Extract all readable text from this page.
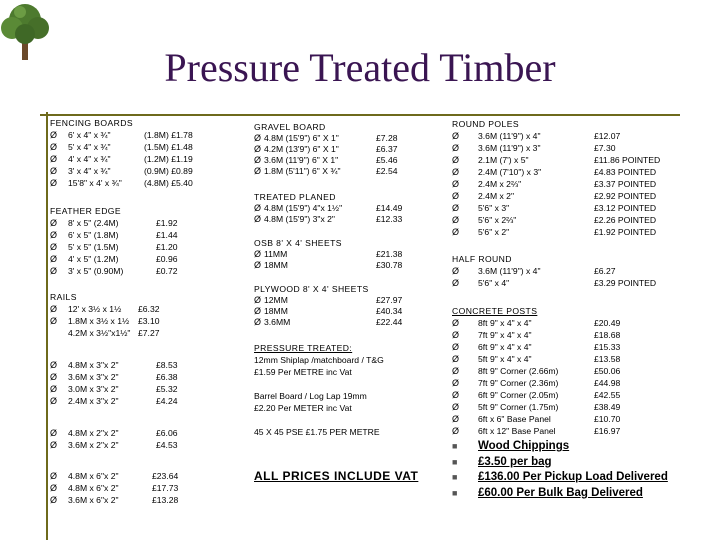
Pressure Treated Timber
FENCING BOARDS
Ø	6' x 4" x ¾"	(1.8M) £1.78
Ø	5' x 4" x ¾"	(1.5M) £1.48
Ø	4' x 4" x ¾"	(1.2M) £1.19
Ø	3' x 4" x ¾"	(0.9M) £0.89
Ø	15'8" x 4' x ¾"	(4.8M) £5.40
FEATHER EDGE
Ø	8' x 5" (2.4M)	£1.92
Ø	6' x 5" (1.8M)	£1.44
Ø	5' x 5" (1.5M)	£1.20
Ø	4' x 5" (1.2M)	£0.96
Ø	3' x 5" (0.90M)	£0.72
RAILS
Ø	12' x 3½ x 1½	£6.32
Ø	1.8M x 3½ x 1½	£3.10
4.2M x 3½"x1½" £7.27
Ø	4.8M x 3"x 2"	£8.53
Ø	3.6M x 3"x 2"	£6.38
Ø	3.0M x 3"x 2"	£5.32
Ø	2.4M x 3"x 2"	£4.24
Ø	4.8M x 2"x 2"	£6.06
Ø	3.6M x 2"x 2"	£4.53
Ø	4.8M x 6"x 2"	£23.64
Ø	4.8M x 6"x 2"	£17.73
Ø	3.6M x 6"x 2"	£13.28
GRAVEL BOARD
Ø 4.8M (15'9") 6" X 1"	£7.28
Ø 4.2M (13'9") 6" X 1"	£6.37
Ø 3.6M (11'9") 6" X 1"	£5.46
Ø 1.8M (5'11") 6" X ¾"	£2.54
TREATED PLANED
Ø 4.8M (15'9") 4"x 1½"	£14.49
Ø 4.8M (15'9") 3"x 2"	£12.33
OSB 8' X 4' SHEETS
Ø 11MM	£21.38
Ø 18MM	£30.78
PLYWOOD 8' X 4' SHEETS
Ø 12MM	£27.97
Ø 18MM	£40.34
Ø 3.6MM	£22.44
PRESSURE TREATED:
12mm Shiplap /matchboard / T&G
£1.59 Per METRE inc Vat
Barrel Board / Log Lap 19mm
£2.20 Per METER inc Vat
45 X 45 PSE £1.75 PER METRE
ALL PRICES INCLUDE VAT
ROUND POLES
Ø	3.6M (11'9") x 4"	£12.07
Ø	3.6M (11'9") x 3"	£7.30
Ø	2.1M (7') x 5"	£11.86 POINTED
Ø	2.4M (7'10") x 3"	£4.83 POINTED
Ø	2.4M x 2⅔"	£3.37 POINTED
Ø	2.4M x 2"	£2.92 POINTED
Ø	5'6" x 3"	£3.12 POINTED
Ø	5'6" x 2⅔"	£2.26 POINTED
Ø	5'6" x 2"	£1.92 POINTED
HALF ROUND
Ø	3.6M (11'9") x 4"	£6.27
Ø	5'6" x 4"	£3.29 POINTED
CONCRETE POSTS
Ø	8ft 9" x 4" x 4"	£20.49
Ø	7ft 9" x 4" x 4"	£18.68
Ø	6ft 9" x 4" x 4"	£15.33
Ø	5ft 9" x 4" x 4"	£13.58
Ø	8ft 9" Corner (2.66m)	£50.06
Ø	7ft 9" Corner (2.36m)	£44.98
Ø	6ft 9" Corner (2.05m)	£42.55
Ø	5ft 9" Corner (1.75m)	£38.49
Ø	6ft x 6" Base Panel	£10.70
Ø	6ft x 12" Base Panel	£16.97
■	Wood Chippings
■	£3.50 per bag
■	£136.00 Per Pickup Load Delivered
■	£60.00 Per Bulk Bag Delivered
